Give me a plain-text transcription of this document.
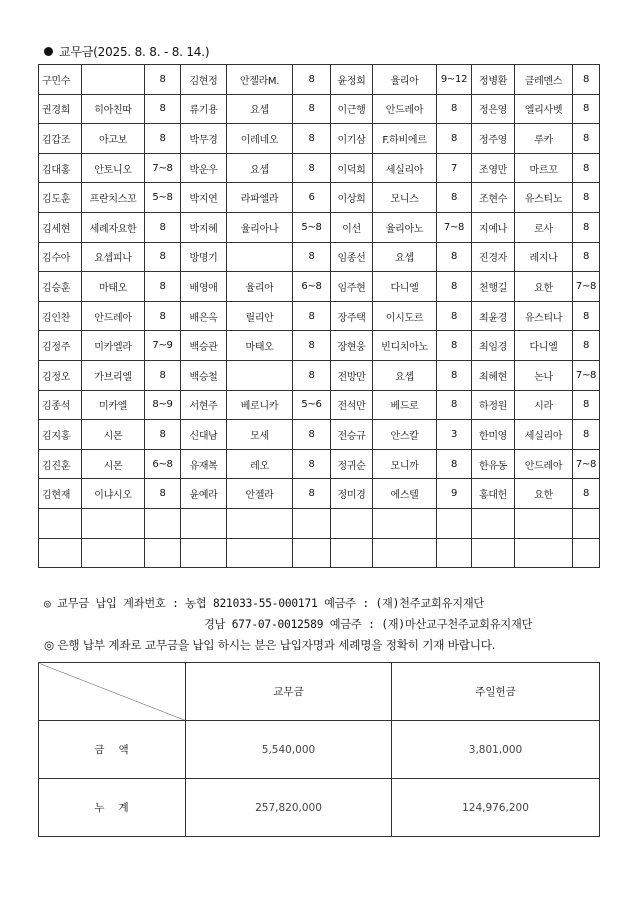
교무금(2025. 8. 8. - 8. 14.)
구민수		8	김현정	안젤라M.	8	윤정희	율리아	9~12	정병환	클레멘스	8
권경희	히아친따	8	류기용	요셉	8	이근행	안드레아	8	정은영	엘리사벳	8
김갑조	아고보	8	박무경	이레네오	8	이기삼	F.하비에르	8	정주영	루카	8
김대홍	안토니오	7~8	박운우	요셉	8	이덕희	세실리아	7	조영만	마르꼬	8
김도훈	프란치스꼬	5~8	박지연	라파엘라	6	이상희	모니스	8	조현수	유스티노	8
김세현	세례자요한	8	박지혜	율리아나	5~8	이선	율리아노	7~8	지예나	로사	8
김수아	요셉피나	8	방명기		8	임종선	요셉	8	진경자	레지나	8
김승훈	마태오	8	배영애	율리아	6~8	임주현	다니엘	8	천행길	요한	7~8
김인찬	안드레아	8	배은옥	릴리안	8	장주택	이시도르	8	최윤경	유스티나	8
김정주	미카엘라	7~9	백승관	마태오	8	장현웅	빈디치아노	8	최임경	다니엘	8
김정오	가브리엘	8	백승철		8	전방만	요셉	8	최혜현	논나	7~8
김종석	미카엘	8~9	서현주	베로니카	5~6	전석만	베드로	8	하정원	시라	8
김지홍	시몬	8	신대남	모세	8	전승규	안스칼	3	한미영	세실리아	8
김진훈	시몬	6~8	유재복	레오	8	정귀순	모니까	8	한유동	안드레아	7~8
김현재	이냐시오	8	윤예라	안젤라	8	정미경	에스텔	9	홍대헌	요한	8

◎ 교무금 납입 계좌번호 : 농협 821033-55-000171 예금주 : (재)천주교회유지재단
경남 677-07-0012589 예금주 : (재)마산교구천주교회유지재단
◎ 은행 납부 계좌로 교무금을 납입 하시는 분은 납입자명과 세례명을 정확히 기재 바랍니다.
	교무금	주일헌금
금액	5,540,000	3,801,000
누계	257,820,000	124,976,200
